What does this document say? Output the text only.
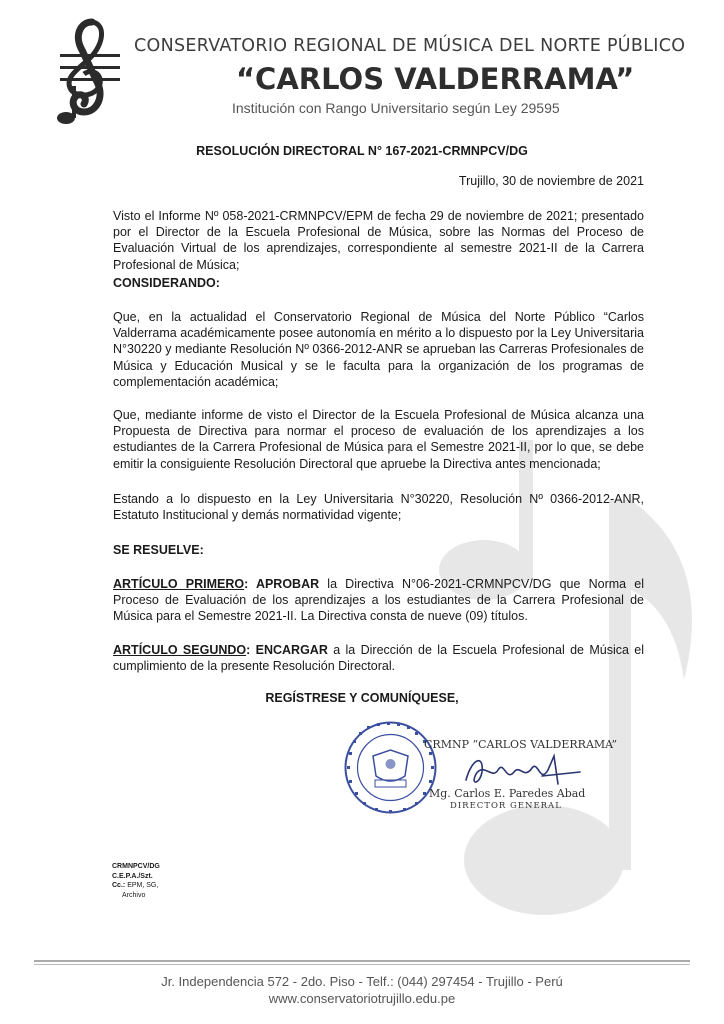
CONSERVATORIO REGIONAL DE MÚSICA DEL NORTE PÚBLICO
“CARLOS VALDERRAMA”
Institución con Rango Universitario según Ley 29595
RESOLUCIÓN DIRECTORAL N° 167-2021-CRMNPCV/DG
Trujillo, 30 de noviembre de 2021
Visto el Informe Nº 058-2021-CRMNPCV/EPM de fecha 29 de noviembre de 2021; presentado por el Director de la Escuela Profesional de Música, sobre las Normas del Proceso de Evaluación Virtual de los aprendizajes, correspondiente al semestre 2021-II de la Carrera Profesional de Música;
CONSIDERANDO:
Que, en la actualidad el Conservatorio Regional de Música del Norte Público “Carlos Valderrama académicamente posee autonomía en mérito a lo dispuesto por la Ley Universitaria N°30220 y mediante Resolución Nº 0366-2012-ANR se aprueban las Carreras Profesionales de Música y Educación Musical y se le faculta para la organización de los programas de complementación académica;
Que, mediante informe de visto el Director de la Escuela Profesional de Música alcanza una Propuesta de Directiva para normar el proceso de evaluación de los aprendizajes a los estudiantes de la Carrera Profesional de Música para el Semestre 2021-II, por lo que, se debe emitir la consiguiente Resolución Directoral que apruebe la Directiva antes mencionada;
Estando a lo dispuesto en la Ley Universitaria N°30220, Resolución Nº 0366-2012-ANR, Estatuto Institucional y demás normatividad vigente;
SE RESUELVE:
ARTÍCULO PRIMERO: APROBAR la Directiva N°06-2021-CRMNPCV/DG que Norma el Proceso de Evaluación de los aprendizajes a los estudiantes de la Carrera Profesional de Música para el Semestre 2021-II. La Directiva consta de nueve (09) títulos.
ARTÍCULO SEGUNDO: ENCARGAR a la Dirección de la Escuela Profesional de Música el cumplimiento de la presente Resolución Directoral.
REGÍSTRESE Y COMUNÍQUESE,
CRMNP “CARLOS VALDERRAMA”
Mg. Carlos E. Paredes Abad
DIRECTOR GENERAL
CRMNPCV/DG
C.E.P.A./Szt.
Cc.: EPM, SG,
Archivo
Jr. Independencia 572 - 2do. Piso - Telf.: (044) 297454 - Trujillo - Perú
www.conservatoriotrujillo.edu.pe
